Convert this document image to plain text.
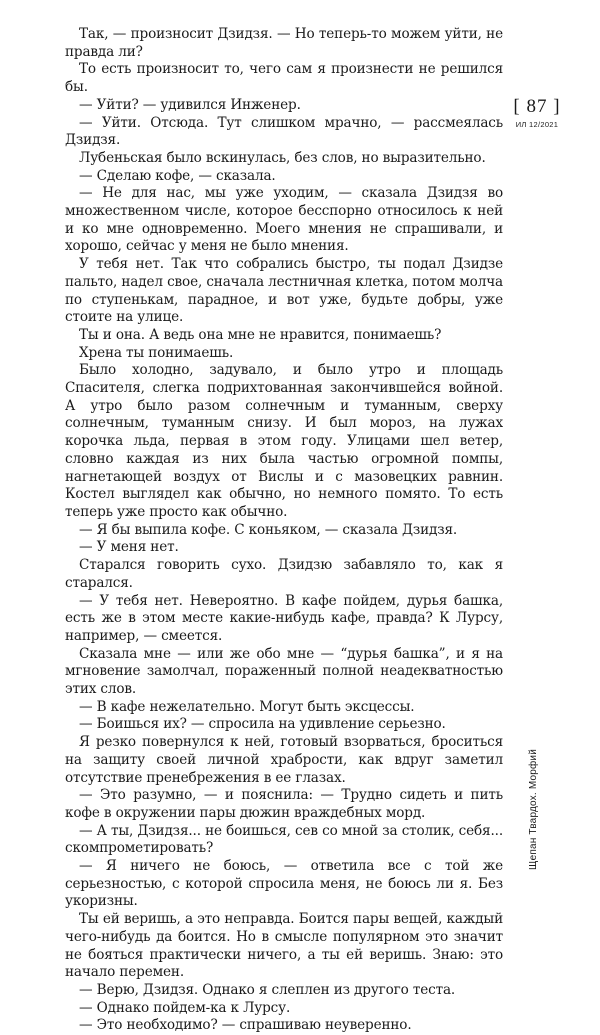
Так, — произносит Дзидзя. — Но теперь-то можем уйти, не правда ли?

То есть произносит то, чего сам я произнести не решился бы.

— Уйти? — удивился Инженер.

— Уйти. Отсюда. Тут слишком мрачно, — рассмеялась Дзидзя.

Лубеньская было вскинулась, без слов, но выразительно.

— Сделаю кофе, — сказала.

— Не для нас, мы уже уходим, — сказала Дзидзя во множественном числе, которое бесспорно относилось к ней и ко мне одновременно. Моего мнения не спрашивали, и хорошо, сейчас у меня не было мнения.

У тебя нет. Так что собрались быстро, ты подал Дзидзе пальто, надел свое, сначала лестничная клетка, потом молча по ступенькам, парадное, и вот уже, будьте добры, уже стоите на улице.

Ты и она. А ведь она мне не нравится, понимаешь?

Хрена ты понимаешь.

Было холодно, задувало, и было утро и площадь Спасителя, слегка подрихтованная закончившейся войной. А утро было разом солнечным и туманным, сверху солнечным, туманным снизу. И был мороз, на лужах корочка льда, первая в этом году. Улицами шел ветер, словно каждая из них была частью огромной помпы, нагнетающей воздух от Вислы и с мазовецких равнин. Костел выглядел как обычно, но немного помято. То есть теперь уже просто как обычно.

— Я бы выпила кофе. С коньяком, — сказала Дзидзя.

— У меня нет.

Старался говорить сухо. Дзидзю забавляло то, как я старался.

— У тебя нет. Невероятно. В кафе пойдем, дурья башка, есть же в этом месте какие-нибудь кафе, правда? К Лурсу, например, — смеется.

Сказала мне — или же обо мне — “дурья башка”, и я на мгновение замолчал, пораженный полной неадекватностью этих слов.

— В кафе нежелательно. Могут быть эксцессы.

— Боишься их? — спросила на удивление серьезно.

Я резко повернулся к ней, готовый взорваться, броситься на защиту своей личной храбрости, как вдруг заметил отсутствие пренебрежения в ее глазах.

— Это разумно, — и пояснила: — Трудно сидеть и пить кофе в окружении пары дюжин враждебных морд.

— А ты, Дзидзя... не боишься, сев со мной за столик, себя... скомпрометировать?

— Я ничего не боюсь, — ответила все с той же серьезностью, с которой спросила меня, не боюсь ли я. Без укоризны.

Ты ей веришь, а это неправда. Боится пары вещей, каждый чего-нибудь да боится. Но в смысле популярном это значит не бояться практически ничего, а ты ей веришь. Знаю: это начало перемен.

— Верю, Дзидзя. Однако я слеплен из другого теста.

— Однако пойдем-ка к Лурсу.

— Это необходимо? — спрашиваю неуверенно.

[ 87 ]
ИЛ 12/2021
Щепан Твардох. Морфий
